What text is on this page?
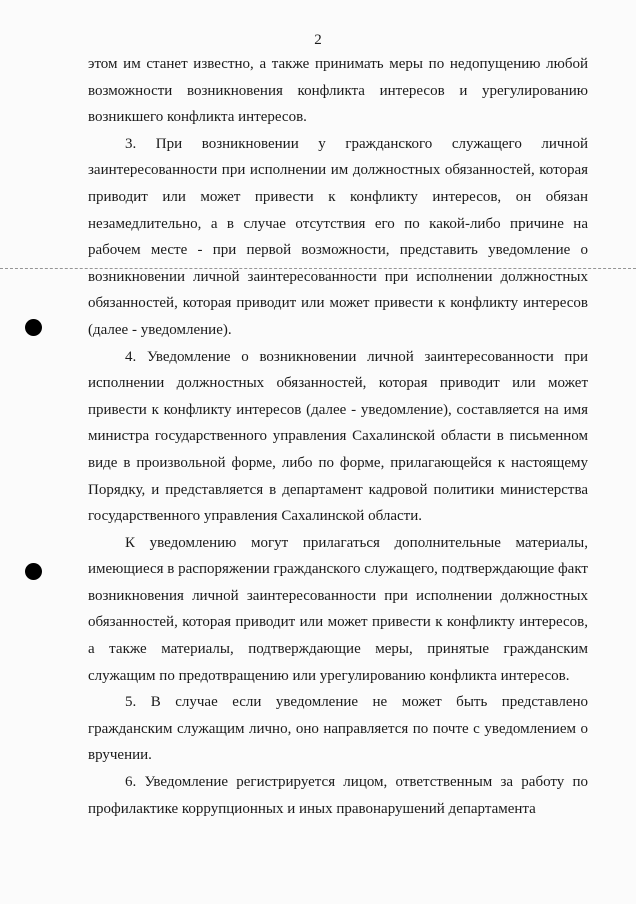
2

этом им станет известно, а также принимать меры по недопущению любой возможности возникновения конфликта интересов и урегулированию возникшего конфликта интересов.

3. При возникновении у гражданского служащего личной заинтересованности при исполнении им должностных обязанностей, которая приводит или может привести к конфликту интересов, он обязан незамедлительно, а в случае отсутствия его по какой-либо причине на рабочем месте - при первой возможности, представить уведомление о возникновении личной заинтересованности при исполнении должностных обязанностей, которая приводит или может привести к конфликту интересов (далее - уведомление).

4. Уведомление о возникновении личной заинтересованности при исполнении должностных обязанностей, которая приводит или может привести к конфликту интересов (далее - уведомление), составляется на имя министра государственного управления Сахалинской области в письменном виде в произвольной форме, либо по форме, прилагающейся к настоящему Порядку, и представляется в департамент кадровой политики министерства государственного управления Сахалинской области.

К уведомлению могут прилагаться дополнительные материалы, имеющиеся в распоряжении гражданского служащего, подтверждающие факт возникновения личной заинтересованности при исполнении должностных обязанностей, которая приводит или может привести к конфликту интересов, а также материалы, подтверждающие меры, принятые гражданским служащим по предотвращению или урегулированию конфликта интересов.

5. В случае если уведомление не может быть представлено гражданским служащим лично, оно направляется по почте с уведомлением о вручении.

6. Уведомление регистрируется лицом, ответственным за работу по профилактике коррупционных и иных правонарушений департамента
